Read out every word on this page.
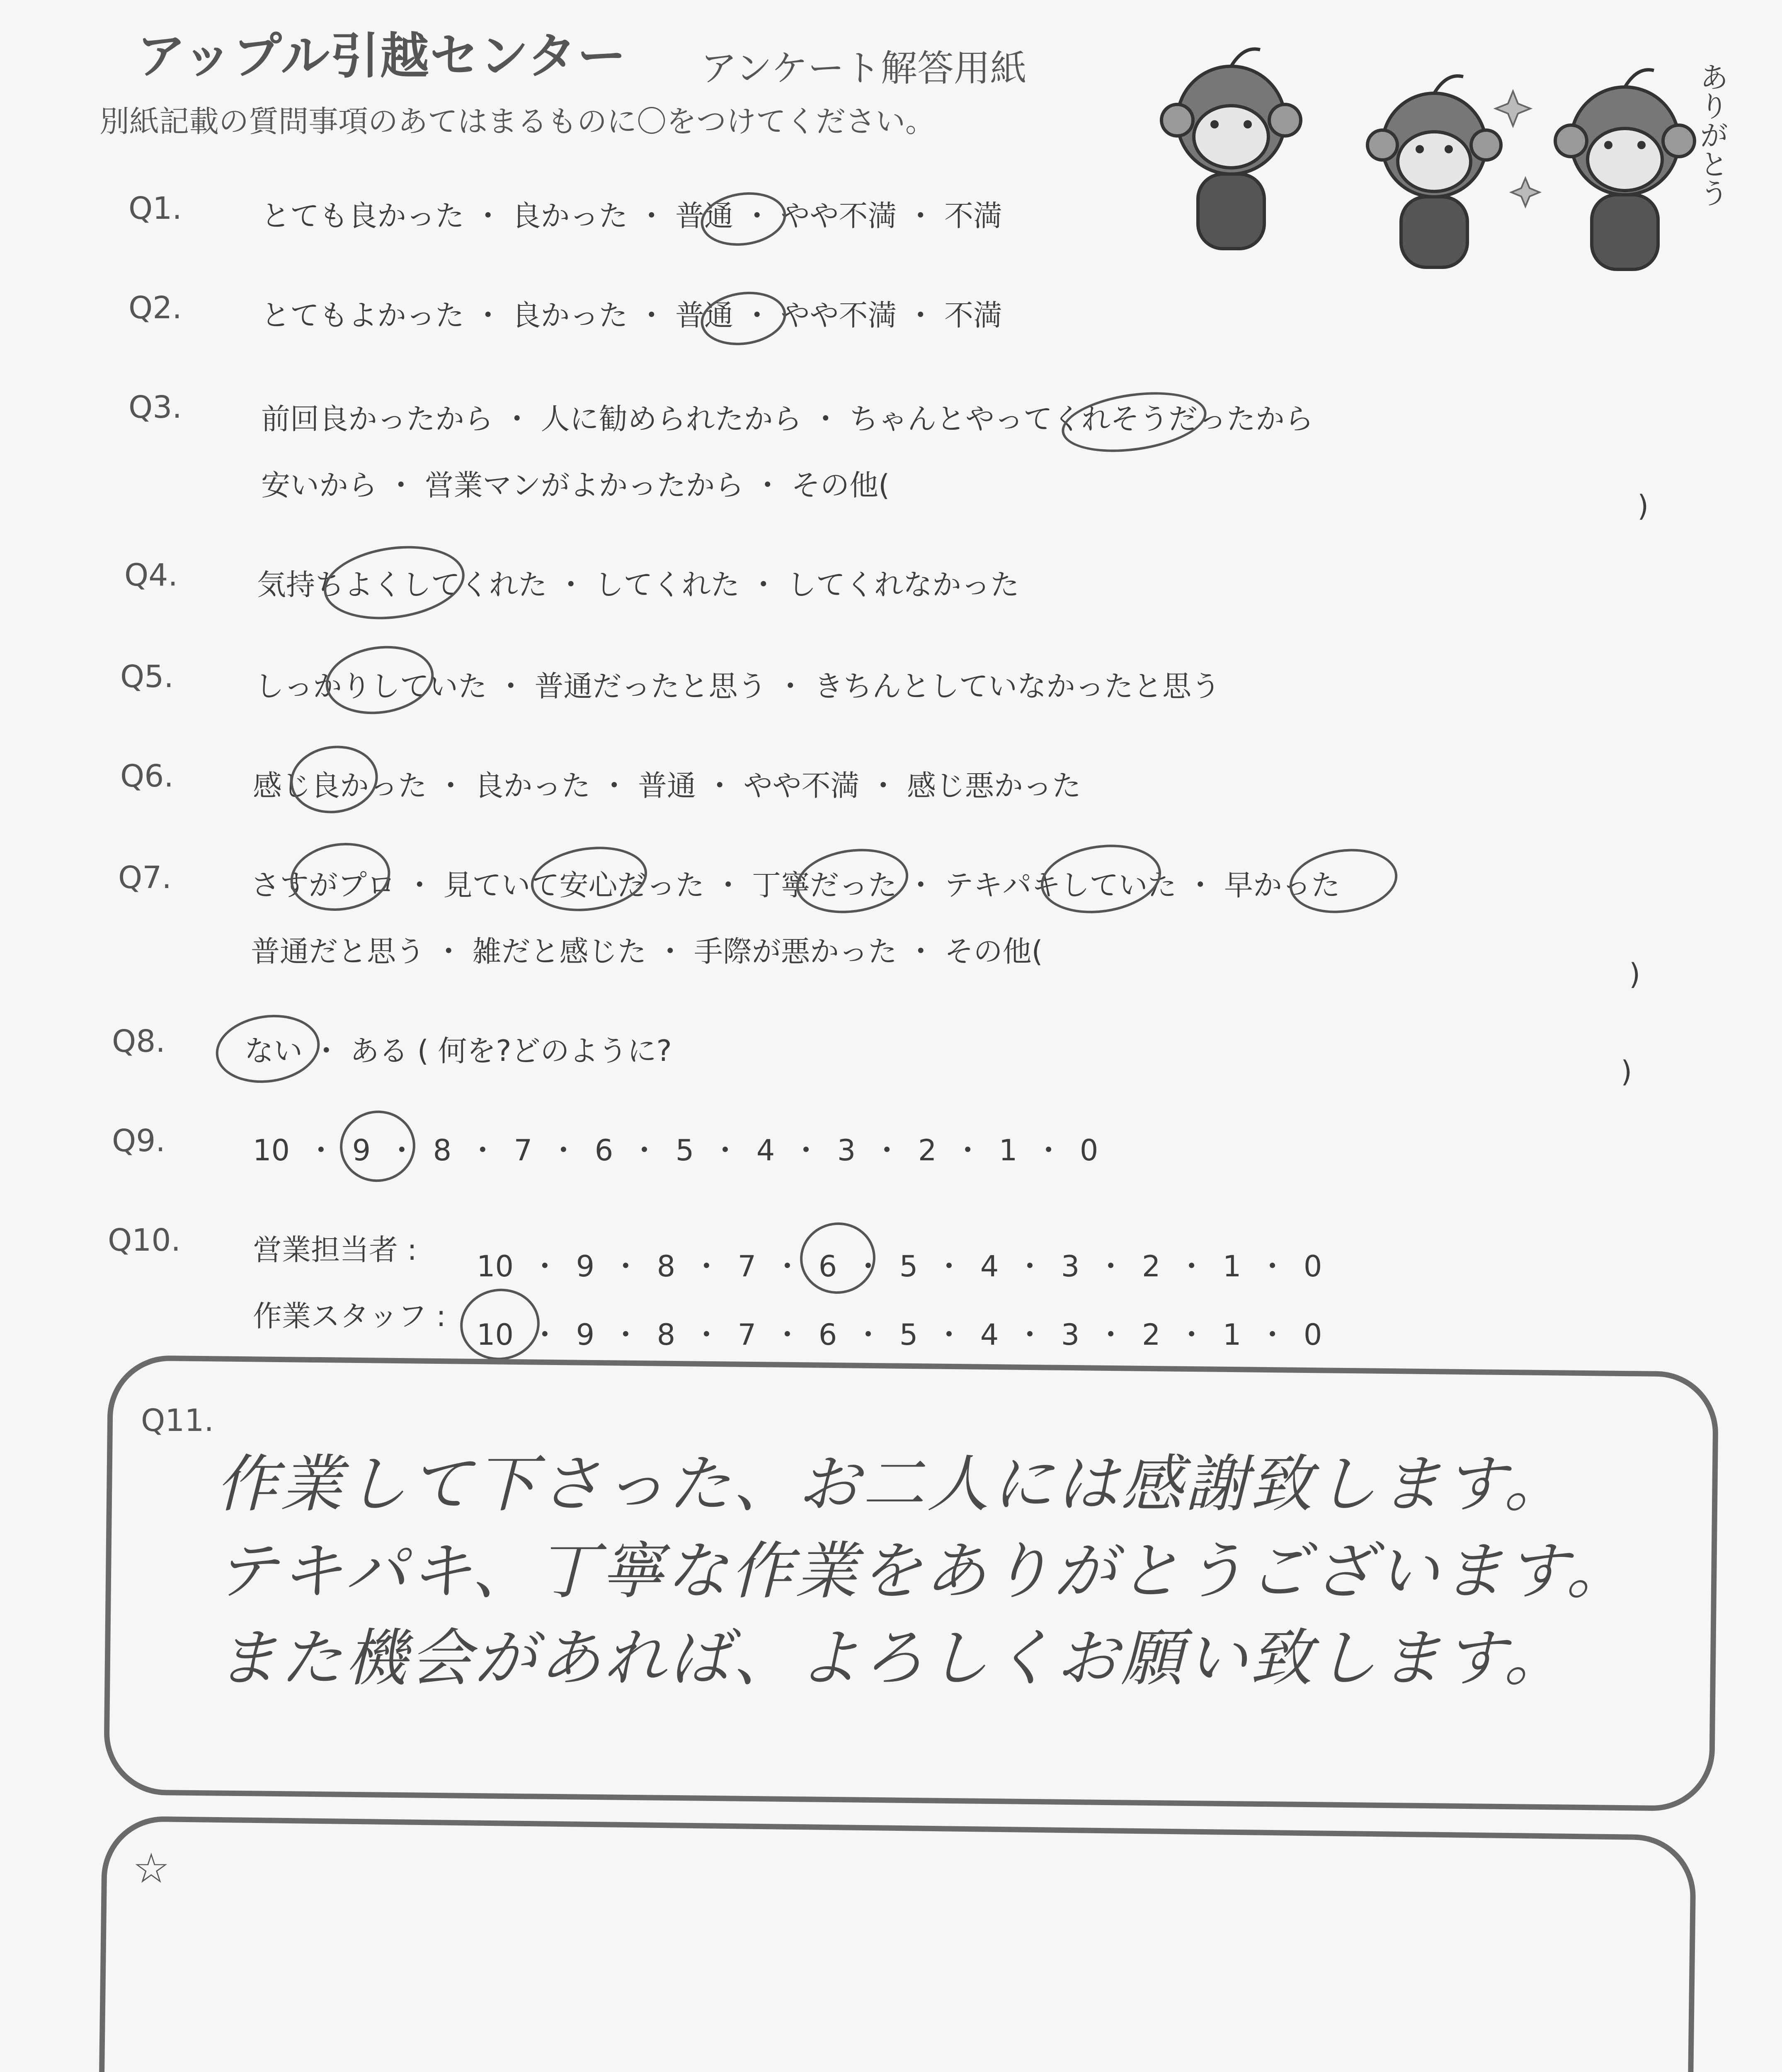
アップル引越センター アンケート解答用紙
別紙記載の質問事項のあてはまるものに〇をつけてください。	ありがとう
Q1.	とても良かった ・ 良かった ・ 普通 ・ やや不満 ・ 不満
Q2.	とてもよかった ・ 良かった ・ 普通 ・ やや不満 ・ 不満
Q3.	前回良かったから ・ 人に勧められたから ・ ちゃんとやってくれそうだったから
安いから ・ 営業マンがよかったから ・ その他(
)
Q4.	気持ちよくしてくれた ・ してくれた ・ してくれなかった
Q5.	しっかりしていた ・ 普通だったと思う ・ きちんとしていなかったと思う
Q6.	感じ良かった ・ 良かった ・ 普通 ・ やや不満 ・ 感じ悪かった
Q7.	さすがプロ ・ 見ていて安心だった ・ 丁寧だった ・ テキパキしていた ・ 早かった
普通だと思う ・ 雑だと感じた ・ 手際が悪かった ・ その他(
)
Q8.	ない ・ ある ( 何を?どのように?
)
Q9.	10 ・ 9 ・ 8 ・ 7 ・ 6 ・ 5 ・ 4 ・ 3 ・ 2 ・ 1 ・ 0
Q10. 営業担当者 : 10 ・ 9 ・ 8 ・ 7 ・ 6 ・ 5 ・ 4 ・ 3 ・ 2 ・ 1 ・ 0
作業スタッフ :
10 ・ 9 ・ 8 ・ 7 ・ 6 ・ 5 ・ 4 ・ 3 ・ 2 ・ 1 ・ 0
Q11.
作業して下さった、お二人には感謝致します。
テキパキ、丁寧な作業をありがとうございます。
また機会があれば、よろしくお願い致します。
☆
